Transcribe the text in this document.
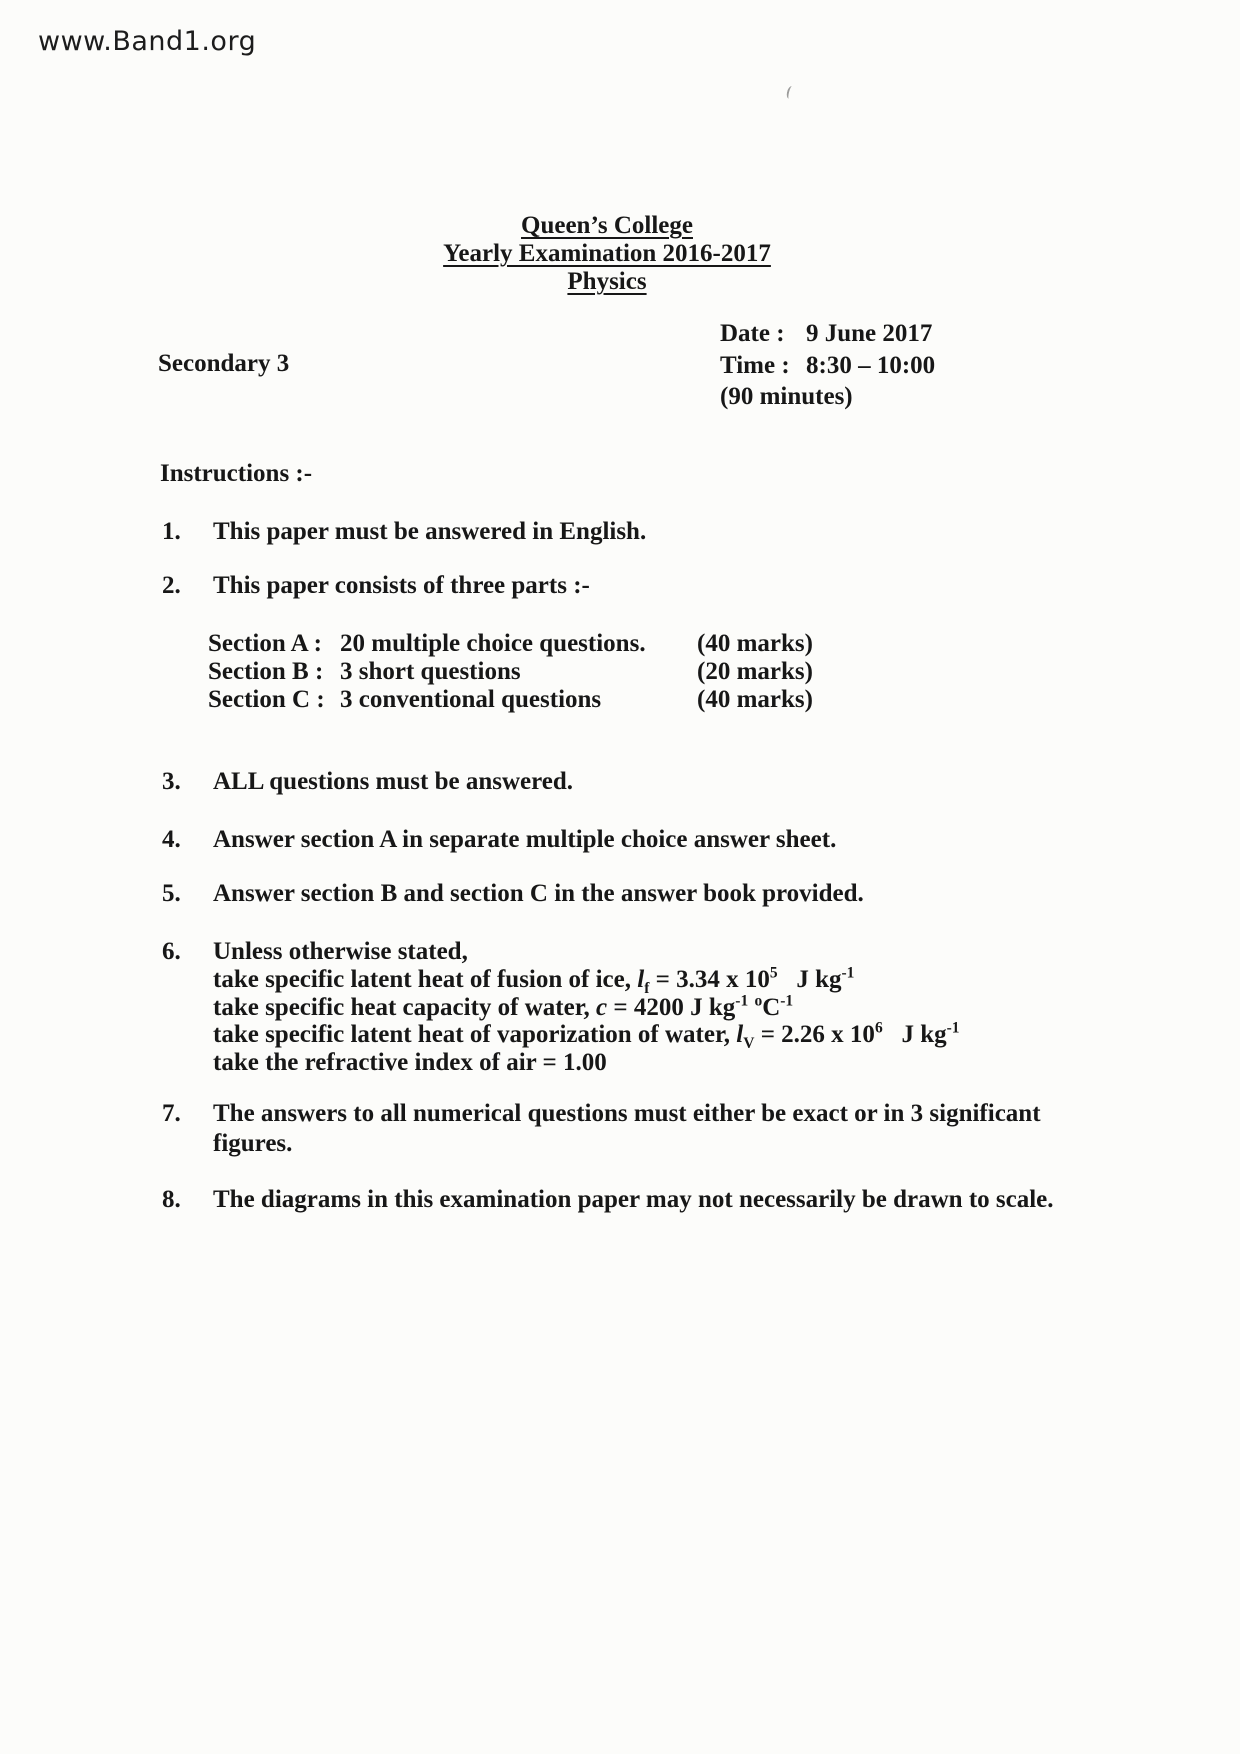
www.Band1.org
Queen’s College
Yearly Examination 2016-2017
Physics
Secondary 3
Date : 9 June 2017
Time : 8:30 – 10:00
(90 minutes)
Instructions :-
1. This paper must be answered in English.
2. This paper consists of three parts :-
Section A : 20 multiple choice questions. (40 marks)
Section B : 3 short questions	(20 marks)
Section C : 3 conventional questions	(40 marks)
3. ALL questions must be answered.
4. Answer section A in separate multiple choice answer sheet.
5. Answer section B and section C in the answer book provided.
6. Unless otherwise stated,
take specific latent heat of fusion of ice, $l_f = 3.34$ x $10^5$   J $kg^{-1}$
take specific heat capacity of water, c = 4200 J $kg^{-1}$ $^oC^{-1}$
take specific latent heat of vaporization of water, $l_V = 2.26$ x $10^6$   J $kg^{-1}$
take the refractive index of air = 1.00
7. The answers to all numerical questions must either be exact or in 3 significant
figures.
8. The diagrams in this examination paper may not necessarily be drawn to scale.
